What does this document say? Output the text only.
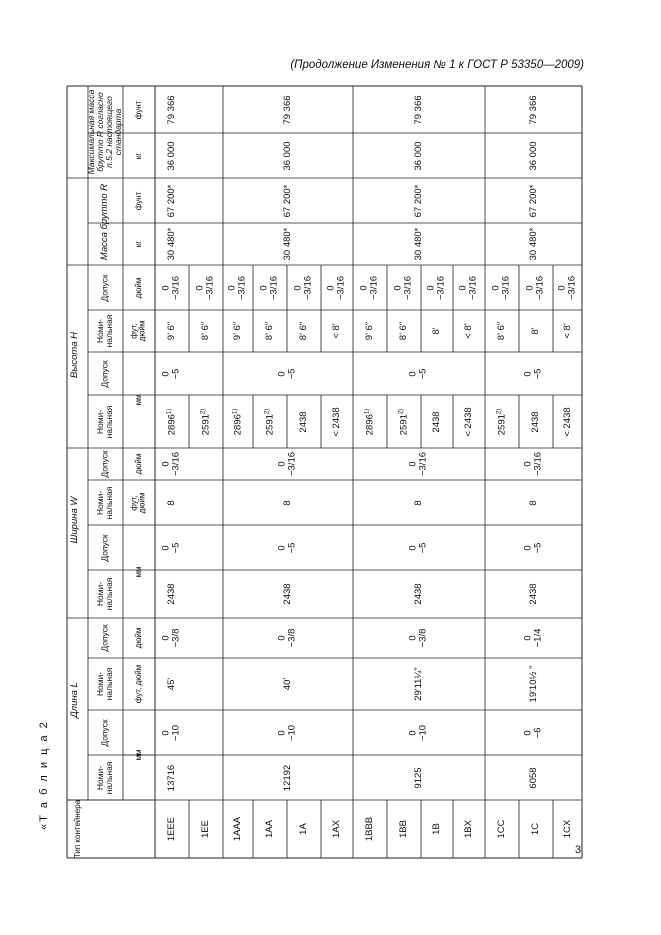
(Продолжение Изменения № 1 к ГОСТ Р 53350—2009)
«Т а б л и ц а 2
3
Тип контейнера
Длина L
Ширина W
Высота H
Масса брутто R
Максимальная масса брутто R согласно п.5.2 настоящего стандарта
Номи-
нальная
Допуск
Номи-
нальная
Допуск
Номи-
нальная
Допуск
Номи-
нальная
Допуск
Номи-
нальная
Допуск
Номи-
нальная
Допуск
мм
фут, дюйм
дюйм
мм
фут,
дюйм
дюйм
мм
фут,
дюйм
дюйм
кг
фунт
кг
фунт
1EEE 1EE 1AAA 1AA 1A 1AX 1BBB 1BB 1B 1BX 1CC 1C 1CX
13716
0
−10
45'
0
−3/8
2438
0
−5
8
0
−3/16
0
−5
30 480*
67 200*
36 000
79 366
12192
0
−10
40'
0
−3/8
2438
0
−5
8
0
−3/16
0
−5
30 480*
67 200*
36 000
79 366
9125
0
−10
29'11¼"
0
−3/8
2438
0
−5
8
0
−3/16
0
−5
30 480*
67 200*
36 000
79 366
6058
0
−6
19'10½ "
0
−1/4
2438
0
−5
8
0
−3/16
0
−5
30 480*
67 200*
36 000
79 366
2896$^{1)}$
9' 6"
0
−3/16
2591$^{2)}$
8' 6"
0
−3/16
2896$^{1)}$
9' 6"
0
−3/16
2591$^{2)}$
8' 6"
0
−3/16
2438
8' 6"
0
−3/16
< 2438
< 8'
0
−3/16
2896$^{1)}$
9' 6"
0
−3/16
2591$^{2)}$
8' 6"
0
−3/16
2438
8'
0
−3/16
< 2438
< 8'
0
−3/16
2591$^{2)}$
8' 6"
0
−3/16
2438
8'
0
−3/16
< 2438
< 8'
0
−3/16
